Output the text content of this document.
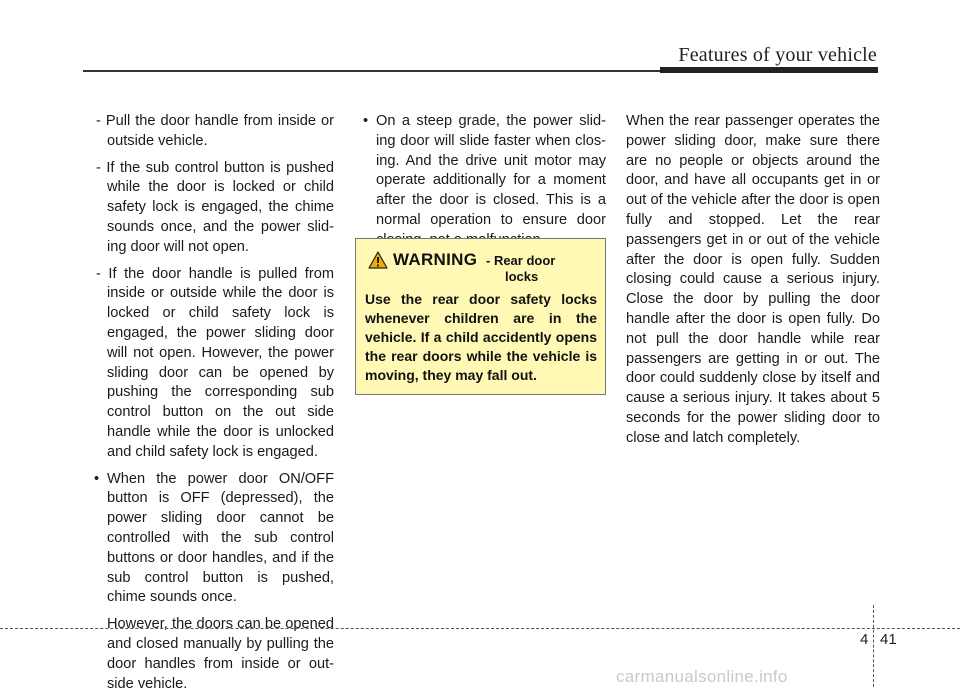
Features of your vehicle

- Pull the door handle from inside or outside vehicle.

- If the sub control button is pushed while the door is locked or child safety lock is engaged, the chime sounds once, and the power sliding door will not open.

- If the door handle is pulled from inside or outside while the door is locked or child safety lock is engaged, the power sliding door will not open. However, the power sliding door can be opened by pushing the corresponding sub control button on the out side handle while the door is unlocked and child safety lock is engaged.

• When the power door ON/OFF button is OFF (depressed), the power sliding door cannot be controlled with the sub control buttons or door handles, and if the sub control button is pushed, chime sounds once.

However, the doors can be opened and closed manually by pulling the door handles from inside or outside vehicle.

• On a steep grade, the power sliding door will slide faster when closing. And the drive unit motor may operate additionally for a moment after the door is closed. This is a normal operation to ensure door

WARNING - Rear door
locks

Use the rear door safety locks whenever children are in the vehicle. If a child accidently opens the rear doors while the vehicle is moving, they may fall out.

When the rear passenger operates the power sliding door, make sure there are no people or objects around the door, and have all occupants get in or out of the vehicle after the door is open fully and stopped. Let the rear passengers get in or out of the vehicle after the door is open fully. Sudden closing could cause a serious injury. Close the door by pulling the door handle after the door is open fully. Do not pull the door handle while rear passengers are getting in or out. The door could suddenly close by itself and cause a serious injury. It takes about 5 seconds for the power sliding door to close and latch completely.

4 41
carmanualsonline.info
